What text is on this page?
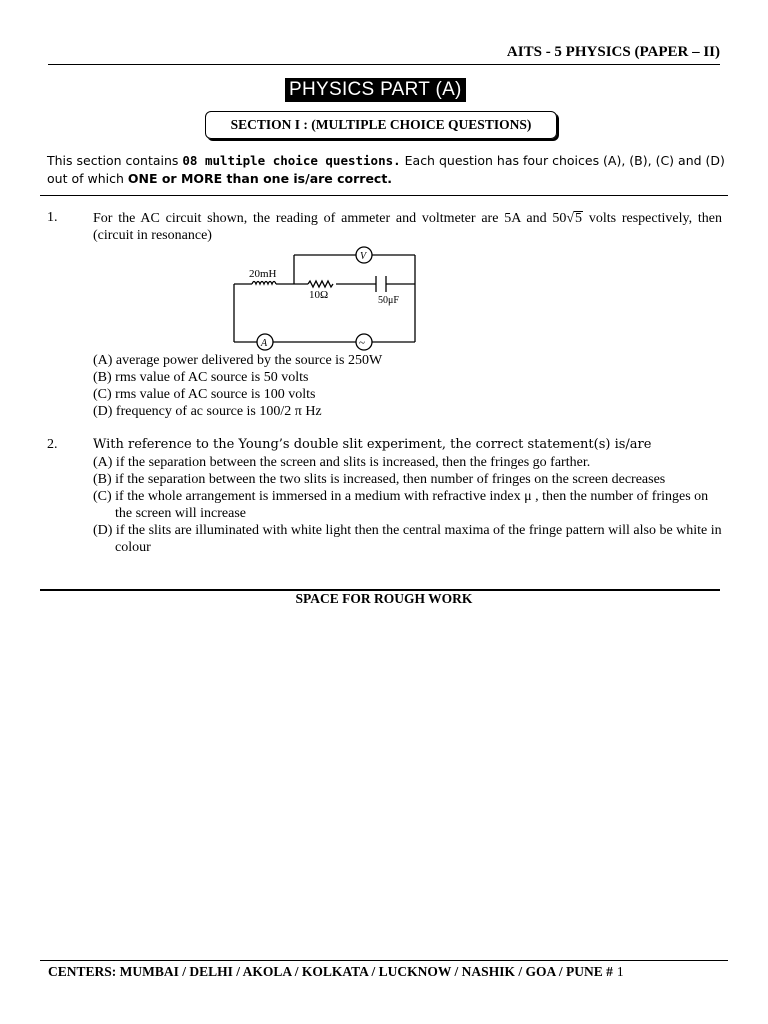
AITS - 5 PHYSICS (PAPER – II)
PHYSICS PART (A)
SECTION I : (MULTIPLE CHOICE QUESTIONS)
This section contains 08 multiple choice questions. Each question has four choices (A), (B), (C) and (D) out of which ONE or MORE than one is/are correct.
1.	For the AC circuit shown, the reading of ammeter and voltmeter are 5A and 50√5 volts respectively, then (circuit in resonance)
20mH
10Ω	50μF
V
A	~
(A) average power delivered by the source is 250W
(B) rms value of AC source is 50 volts
(C) rms value of AC source is 100 volts
(D) frequency of ac source is 100/2 π Hz
2.	With reference to the Young’s double slit experiment, the correct statement(s) is/are
(A) if the separation between the screen and slits is increased, then the fringes go farther.
(B) if the separation between the two slits is increased, then number of fringes on the screen decreases
(C) if the whole arrangement is immersed in a medium with refractive index μ , then the number of fringes on the screen will increase
(D) if the slits are illuminated with white light then the central maxima of the fringe pattern will also be white in colour
SPACE FOR ROUGH WORK
CENTERS: MUMBAI / DELHI / AKOLA / KOLKATA / LUCKNOW / NASHIK / GOA / PUNE # 1
